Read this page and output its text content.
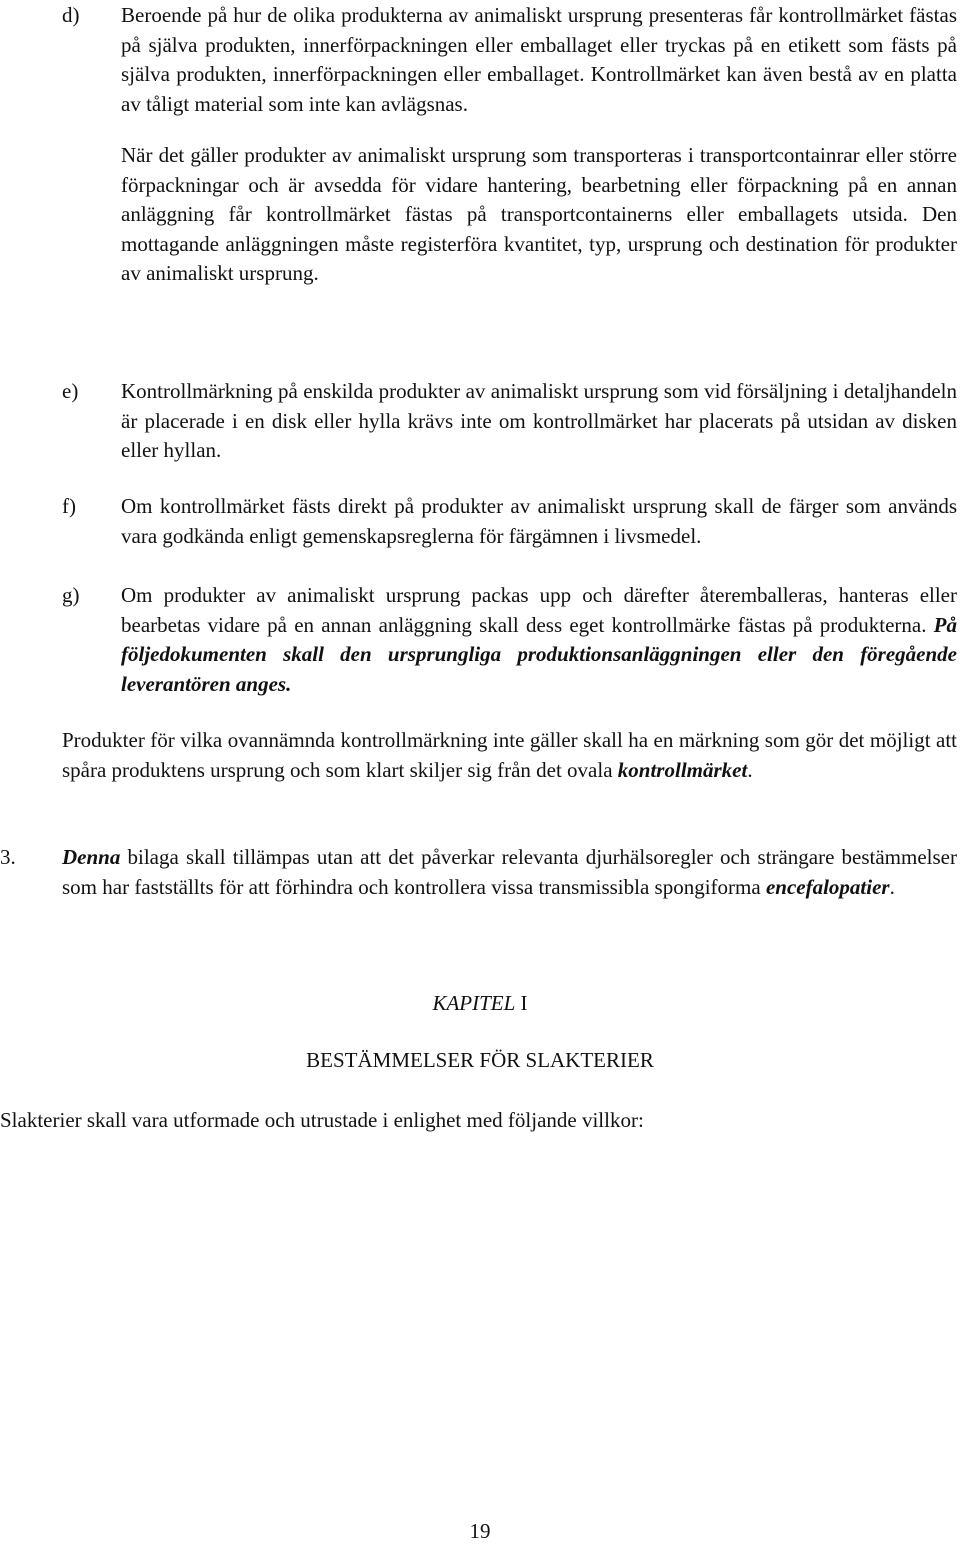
d) Beroende på hur de olika produkterna av animaliskt ursprung presenteras får kontrollmärket fästas på själva produkten, innerförpackningen eller emballaget eller tryckas på en etikett som fästs på själva produkten, innerförpackningen eller emballaget. Kontrollmärket kan även bestå av en platta av tåligt material som inte kan avlägsnas.

När det gäller produkter av animaliskt ursprung som transporteras i transportcontainrar eller större förpackningar och är avsedda för vidare hantering, bearbetning eller förpackning på en annan anläggning får kontrollmärket fästas på transportcontainerns eller emballagets utsida. Den mottagande anläggningen måste registerföra kvantitet, typ, ursprung och destination för produkter av animaliskt ursprung.

e) Kontrollmärkning på enskilda produkter av animaliskt ursprung som vid försäljning i detaljhandeln är placerade i en disk eller hylla krävs inte om kontrollmärket har placerats på utsidan av disken eller hyllan.
f) Om kontrollmärket fästs direkt på produkter av animaliskt ursprung skall de färger som används vara godkända enligt gemenskapsreglerna för färgämnen i livsmedel.
g) Om produkter av animaliskt ursprung packas upp och därefter återemballeras, hanteras eller bearbetas vidare på en annan anläggning skall dess eget kontrollmärke fästas på produkterna. På följedokumenten skall den ursprungliga produktionsanläggningen eller den föregående leverantören anges.
Produkter för vilka ovannämnda kontrollmärkning inte gäller skall ha en märkning som gör det möjligt att spåra produktens ursprung och som klart skiljer sig från det ovala kontrollmärket.
3. Denna bilaga skall tillämpas utan att det påverkar relevanta djurhälsoregler och strängare bestämmelser som har fastställts för att förhindra och kontrollera vissa transmissibla spongiforma encefalopatier.
KAPITEL I
BESTÄMMELSER FÖR SLAKTERIER
Slakterier skall vara utformade och utrustade i enlighet med följande villkor:
19
